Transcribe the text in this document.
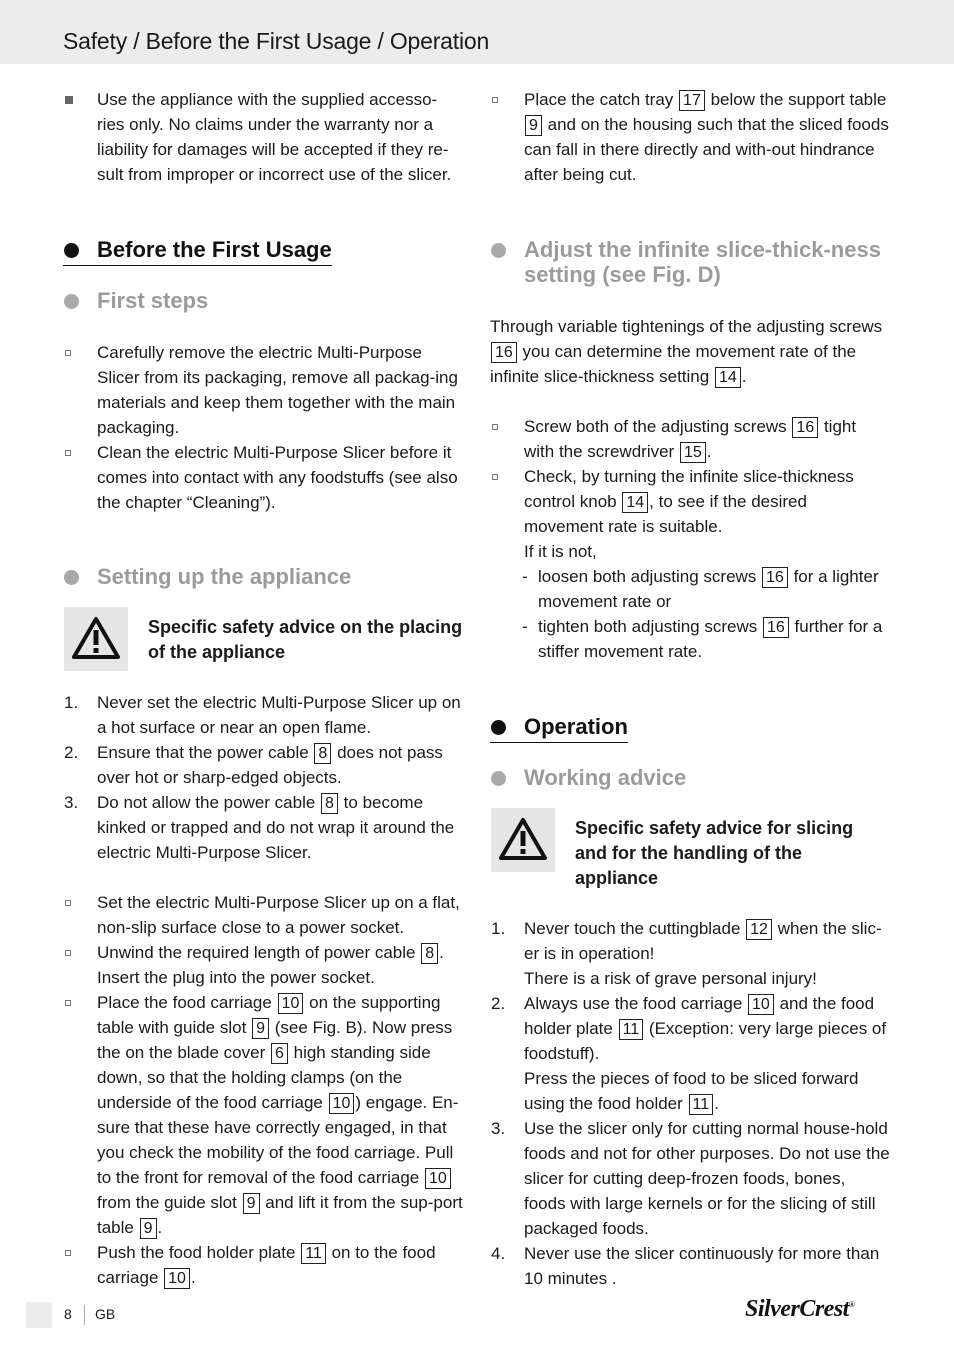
Safety / Before the First Usage / Operation
Use the appliance with the supplied accesso-ries only. No claims under the warranty nor a liability for damages will be accepted if they re-sult from improper or incorrect use of the slicer.
Before the First Usage
First steps
Carefully remove the electric Multi-Purpose Slicer from its packaging, remove all packag-ing materials and keep them together with the main packaging.
Clean the electric Multi-Purpose Slicer before it comes into contact with any foodstuffs (see also the chapter “Cleaning”).
Setting up the appliance
Specific safety advice on the placing of the appliance
1. Never set the electric Multi-Purpose Slicer up on a hot surface or near an open flame.
2. Ensure that the power cable 8 does not pass over hot or sharp-edged objects.
3. Do not allow the power cable 8 to become kinked or trapped and do not wrap it around the electric Multi-Purpose Slicer.
Set the electric Multi-Purpose Slicer up on a flat, non-slip surface close to a power socket.
Unwind the required length of power cable 8 . Insert the plug into the power socket.
Place the food carriage 10 on the supporting table with guide slot 9 (see Fig. B). Now press the on the blade cover 6 high standing side down, so that the holding clamps (on the underside of the food carriage 10 ) engage. En-sure that these have correctly engaged, in that you check the mobility of the food carriage. Pull to the front for removal of the food carriage 10 from the guide slot 9 and lift it from the sup-port table 9 .
Push the food holder plate 11 on to the food carriage 10 .
Place the catch tray 17 below the support table 9 and on the housing such that the sliced foods can fall in there directly and with-out hindrance after being cut.
Adjust the infinite slice-thick-ness setting (see Fig. D)
Through variable tightenings of the adjusting screws 16 you can determine the movement rate of the infinite slice-thickness setting 14 .
Screw both of the adjusting screws 16 tight with the screwdriver 15 .
Check, by turning the infinite slice-thickness control knob 14 , to see if the desired movement rate is suitable.
If it is not,
- loosen both adjusting screws 16 for a lighter movement rate or
- tighten both adjusting screws 16 further for a stiffer movement rate.
Operation
Working advice
Specific safety advice for slicing and for the handling of the appliance
1. Never touch the cuttingblade 12 when the slic-er is in operation!
There is a risk of grave personal injury!
2. Always use the food carriage 10 and the food holder plate 11 (Exception: very large pieces of foodstuff).
Press the pieces of food to be sliced forward using the food holder 11 .
3. Use the slicer only for cutting normal house-hold foods and not for other purposes. Do not use the slicer for cutting deep-frozen foods, bones, foods with large kernels or for the slicing of still packaged foods.
4. Never use the slicer continuously for more than 10 minutes .
8 GB	SilverCrest®
